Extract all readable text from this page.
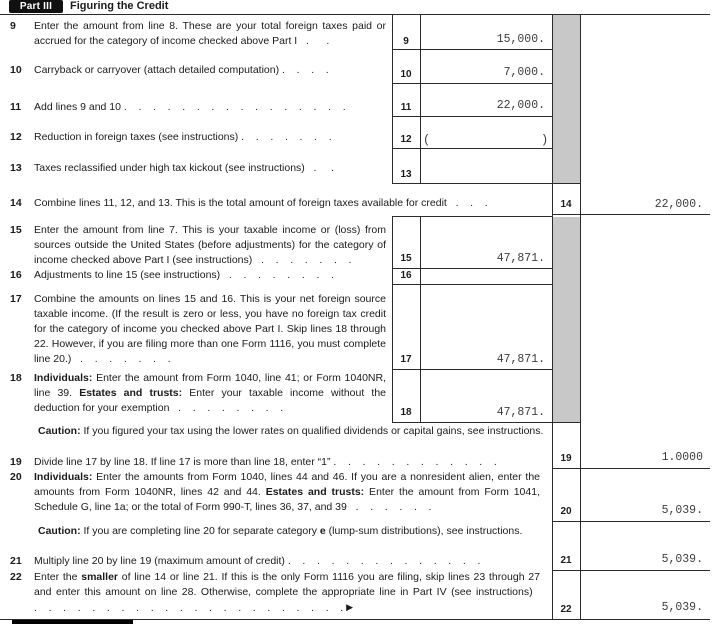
Part III	Figuring the Credit
9 Enter the amount from line 8. These are your total foreign taxes paid or accrued for the category of income checked above Part I   .      .
10 Carryback or carryover (attach detailed computation) .    .    .    .
11 Add lines 9 and 10 .    .    .    .    .    .    .    .    .    .    .    .    .    .    .    .
12 Reduction in foreign taxes (see instructions) .    .    .    .    .    .    .
13 Taxes reclassified under high tax kickout (see instructions)   .     .
14 Combine lines 11, 12, and 13. This is the total amount of foreign taxes available for credit   .    .    .
15 Enter the amount from line 7. This is your taxable income or (loss) from sources outside the United States (before adjustments) for the category of income checked above Part I (see instructions)   .    .    .    .    .    .    .
16 Adjustments to line 15 (see instructions)   .    .    .    .    .    .    .    .
17 Combine the amounts on lines 15 and 16. This is your net foreign source taxable income. (If the result is zero or less, you have no foreign tax credit for the category of income you checked above Part I. Skip lines 18 through 22. However, if you are filing more than one Form 1116, you must complete line 20.)   .    .    .    .    .    .    .
18 Individuals: Enter the amount from Form 1040, line 41; or Form 1040NR, line 39. Estates and trusts: Enter your taxable income without the deduction for your exemption   .    .    .    .    .    .    .    .
Caution: If you figured your tax using the lower rates on qualified dividends or capital gains, see instructions.
19 Divide line 17 by line 18. If line 17 is more than line 18, enter “1” .    .    .    .    .    .    .    .    .    .    .    .
20 Individuals: Enter the amounts from Form 1040, lines 44 and 46. If you are a nonresident alien, enter the amounts from Form 1040NR, lines 42 and 44. Estates and trusts: Enter the amount from Form 1041, Schedule G, line 1a; or the total of Form 990-T, lines 36, 37, and 39   .    .    .    .    .    .
Caution: If you are completing line 20 for separate category e (lump-sum distributions), see instructions.
21 Multiply line 20 by line 19 (maximum amount of credit) .    .    .    .    .    .    .    .    .    .    .    .    .    .
22 Enter the smaller of line 14 or line 21. If this is the only Form 1116 you are filing, skip lines 23 through 27 and enter this amount on line 28. Otherwise, complete the appropriate line in Part IV (see instructions)   .    .    .    .    .    .    .    .    .    .    .    .    .    .    .    .    .    .    .    .    .    . ▶
9
10
11
12
13
15
16
17
18
14
19
20
21
22
15,000.
7,000.
22,000.
(	)
47,871.
47,871.
47,871.
22,000.
1.0000
5,039.
5,039.
5,039.
